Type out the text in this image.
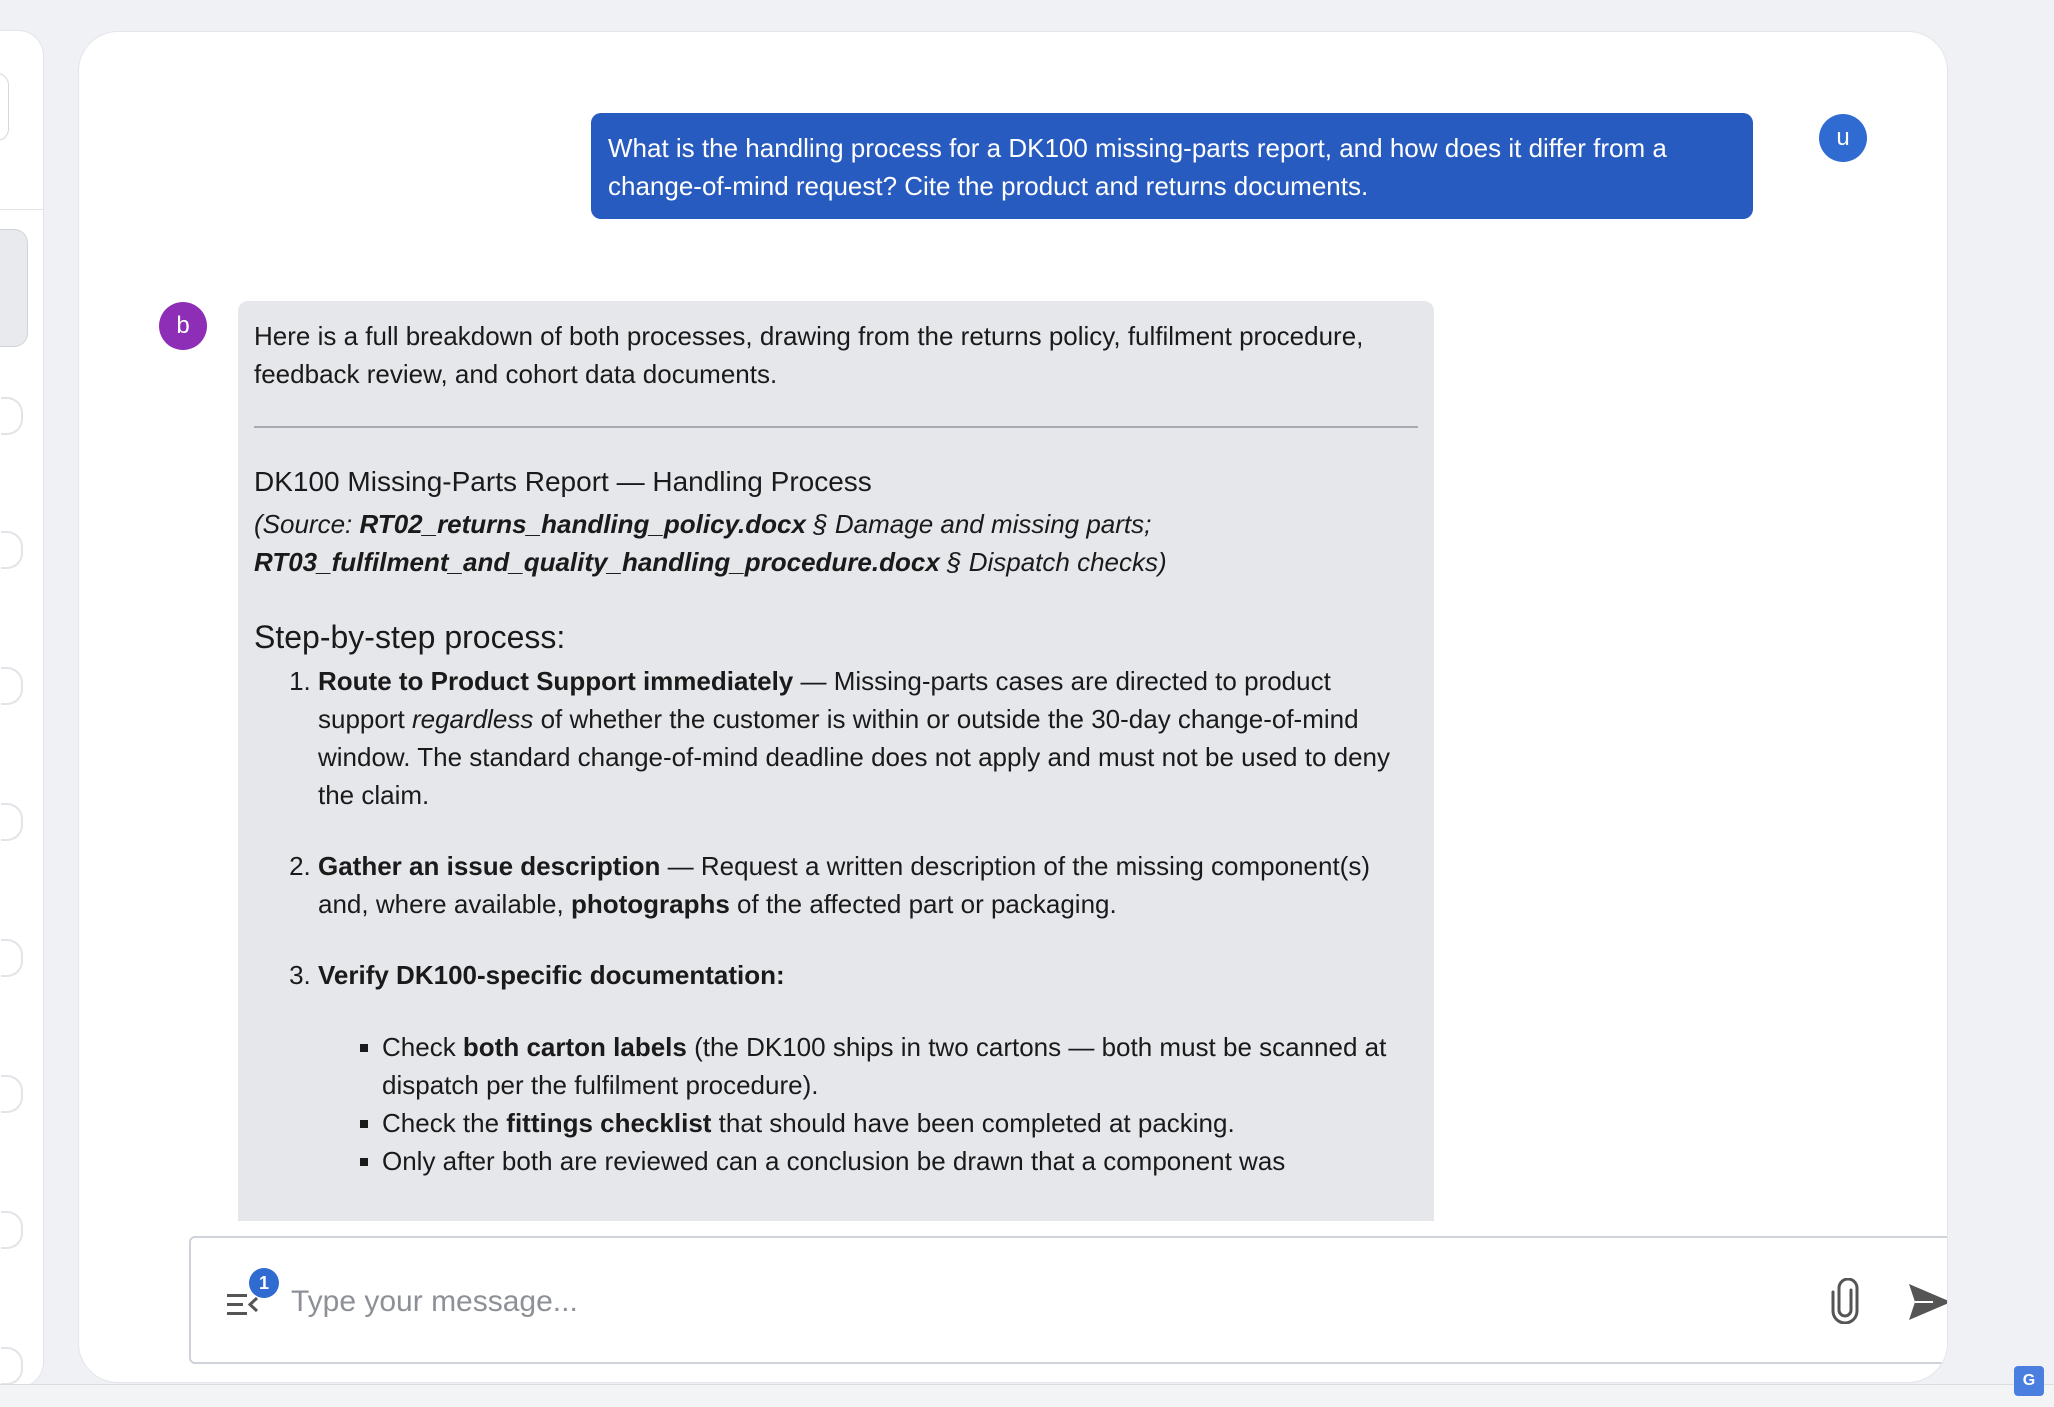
u
What is the handling process for a DK100 missing-parts report, and how does it differ from a change-of-mind request? Cite the product and returns documents.
b	Here is a full breakdown of both processes, drawing from the returns policy, fulfilment procedure, feedback review, and cohort data documents.

DK100 Missing-Parts Report — Handling Process

(Source: RT02_returns_handling_policy.docx § Damage and missing parts;
RT03_fulfilment_and_quality_handling_procedure.docx § Dispatch checks)

Step-by-step process:
1. Route to Product Support immediately — Missing-parts cases are directed to product support regardless of whether the customer is within or outside the 30-day change-of-mind window. The standard change-of-mind deadline does not apply and must not be used to deny the claim.
2. Gather an issue description — Request a written description of the missing component(s) and, where available, photographs of the affected part or packaging.
3. Verify DK100-specific documentation:
Check both carton labels (the DK100 ships in two cartons — both must be scanned at dispatch per the fulfilment procedure).
Check the fittings checklist that should have been completed at packing.
Only after both are reviewed can a conclusion be drawn that a component was
1
Type your message...
G
